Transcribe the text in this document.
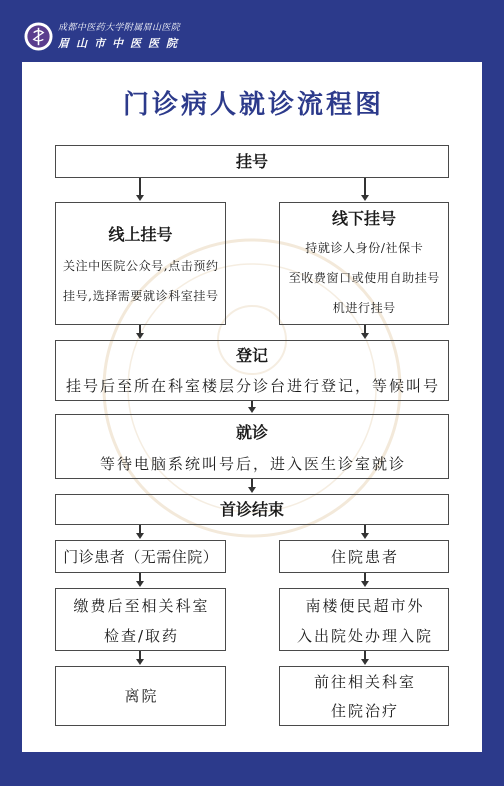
成都中医药大学附属眉山医院
眉山市中医医院
门诊病人就诊流程图
挂号
线上挂号
关注中医院公众号,点击预约
挂号,选择需要就诊科室挂号
线下挂号
持就诊人身份/社保卡
至收费窗口或使用自助挂号
机进行挂号
登记
挂号后至所在科室楼层分诊台进行登记，等候叫号
就诊
等待电脑系统叫号后，进入医生诊室就诊
首诊结束
门诊患者（无需住院）	住院患者
缴费后至相关科室
检查/取药
南楼便民超市外
入出院处办理入院
离院
前往相关科室
住院治疗
